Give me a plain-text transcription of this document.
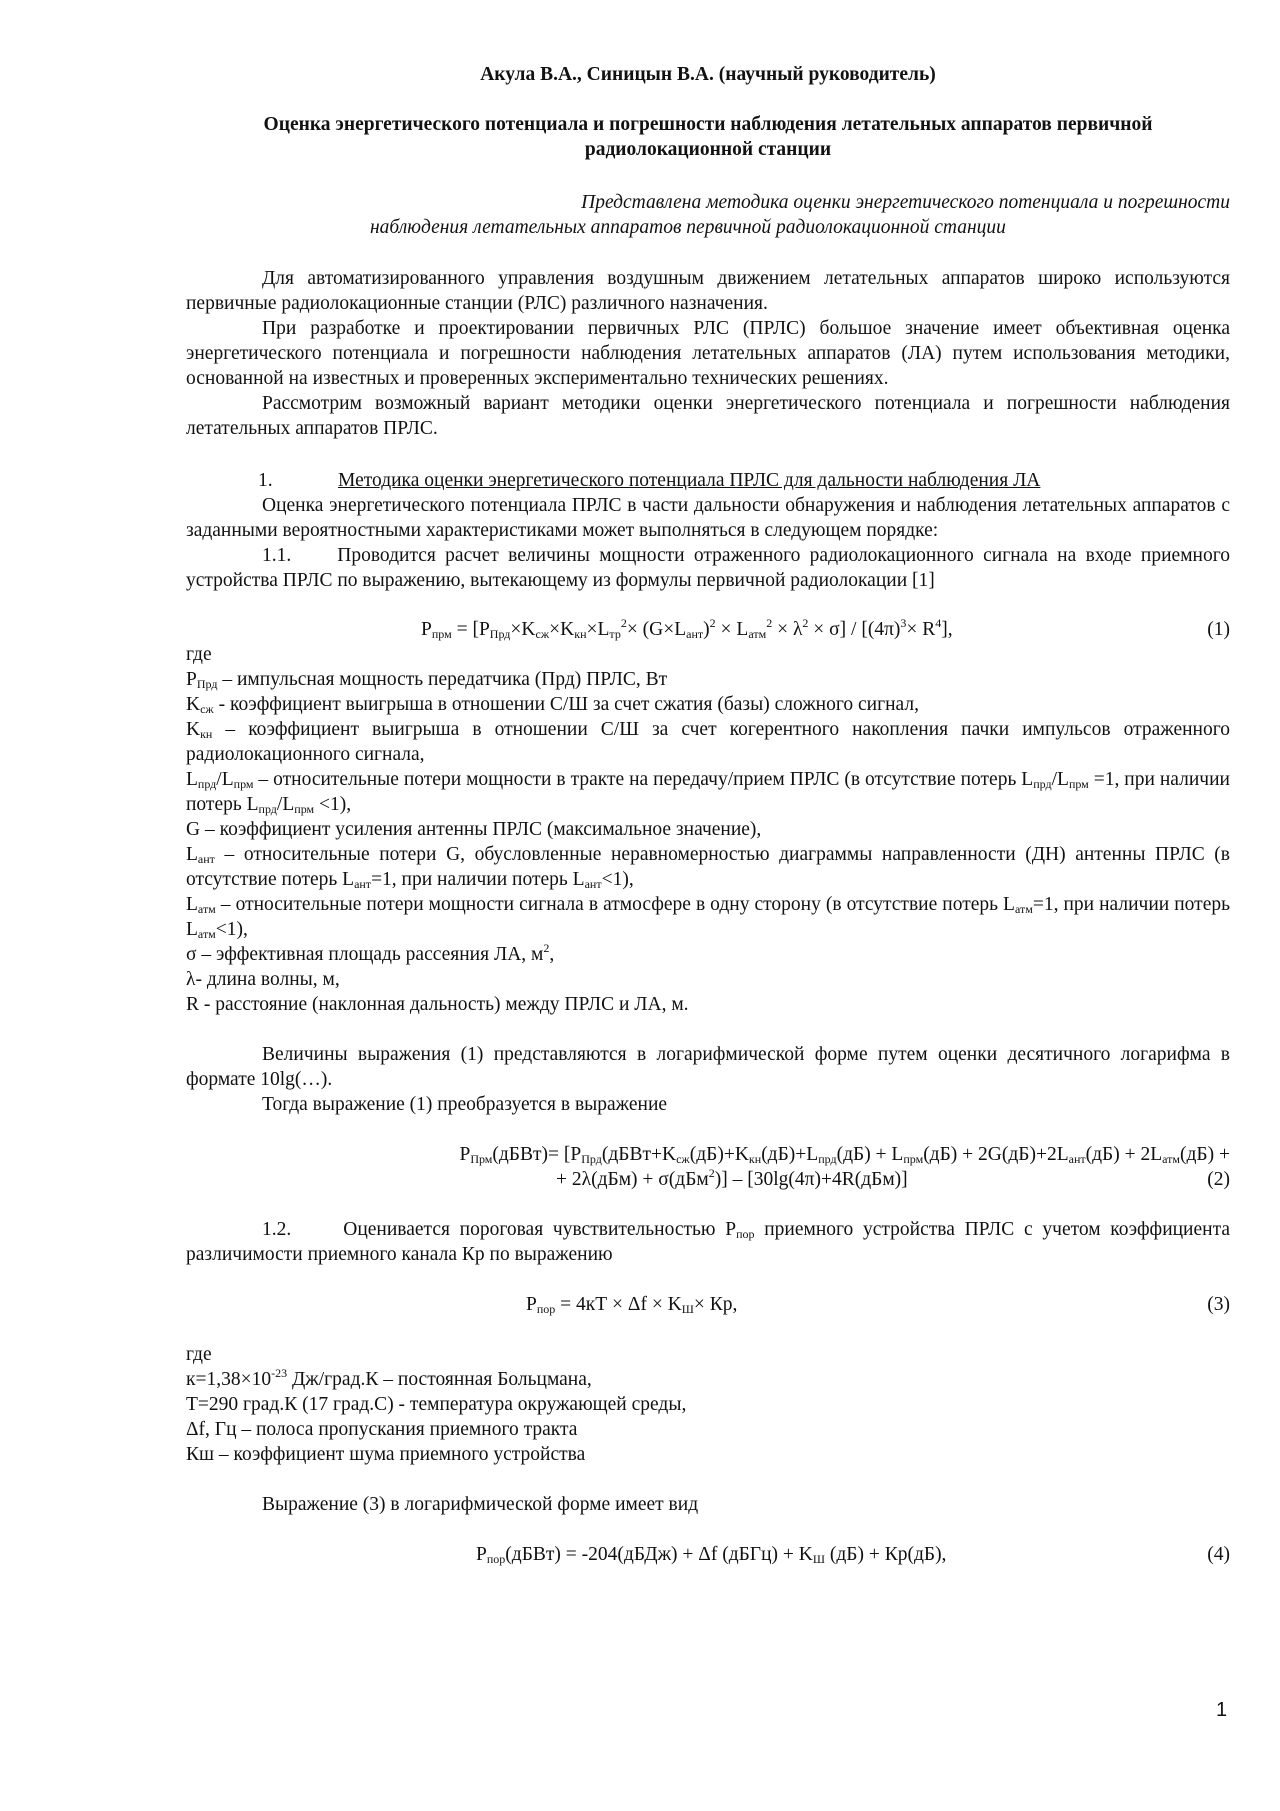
Акула В.А., Синицын В.А. (научный руководитель)

Оценка энергетического потенциала и погрешности наблюдения летательных аппаратов первичной

радиолокационной станции

Представлена методика оценки энергетического потенциала и погрешности

наблюдения летательных аппаратов первичной радиолокационной станции

Для автоматизированного управления воздушным движением летательных аппаратов широко используются первичные радиолокационные станции (РЛС) различного назначения.

При разработке и проектировании первичных РЛС (ПРЛС) большое значение имеет объективная оценка энергетического потенциала и погрешности наблюдения летательных аппаратов (ЛА) путем использования методики, основанной на известных и проверенных экспериментально технических решениях.

Рассмотрим возможный вариант методики оценки энергетического потенциала и погрешности наблюдения летательных аппаратов ПРЛС.

1.	Методика оценки энергетического потенциала ПРЛС для дальности наблюдения ЛА

Оценка энергетического потенциала ПРЛС в части дальности обнаружения и наблюдения летательных аппаратов с заданными вероятностными характеристиками может выполняться в следующем порядке:

1.1. Проводится расчет величины мощности отраженного радиолокационного сигнала на входе приемного устройства ПРЛС по выражению, вытекающему из формулы первичной радиолокации [1]

$P_{прм} = [P_{Прд}\times K_{сж}\times K_{кн}\times L_{тр}^2\times (G\times L_{ант})^2 \times L_{атм}^2 \times \lambda^2 \times \sigma] / [(4\pi)^3\times R^4]$,	(1)

где

$P_{Прд}$ – импульсная мощность передатчика (Прд) ПРЛС, Вт

$K_{сж}$ - коэффициент выигрыша в отношении С/Ш за счет сжатия (базы) сложного сигнал,

$K_{кн}$ – коэффициент выигрыша в отношении С/Ш за счет когерентного накопления пачки импульсов отраженного радиолокационного сигнала,

$L_{прд}/L_{прм}$ – относительные потери мощности в тракте на передачу/прием ПРЛС (в отсутствие потерь $L_{прд}/L_{прм} =1$, при наличии потерь $L_{прд}/L_{прм} <1$),

G – коэффициент усиления антенны ПРЛС (максимальное значение),

$L_{ант}$ – относительные потери G, обусловленные неравномерностью диаграммы направленности (ДН) антенны ПРЛС (в отсутствие потерь $L_{ант}=1$, при наличии потерь $L_{ант}<1$),

$L_{атм}$ – относительные потери мощности сигнала в атмосфере в одну сторону (в отсутствие потерь $L_{атм}=1$, при наличии потерь $L_{атм}<1$),

σ – эффективная площадь рассеяния ЛА, $м^2$,

λ- длина волны, м,

R - расстояние (наклонная дальность) между ПРЛС и ЛА, м.

Величины выражения (1) представляются в логарифмической форме путем оценки десятичного логарифма в формате 10lg(…).

Тогда выражение (1) преобразуется в выражение

$P_{Прм}(дБВт)=$ [$P_{Прд}(дБВт+K_{сж}(дБ)+K_{кн}(дБ)+L_{прд}(дБ) + L_{прм}(дБ) + 2G(дБ)+2L_{ант}(дБ) + 2L_{атм}(дБ)$ +
+ 2λ(дБм) + σ(дБм$^2$)] – [30lg(4π)+4R(дБм)]	(2)

1.2.	Оценивается пороговая чувствительностью $Р_{пор}$ приемного устройства ПРЛС с учетом коэффициента различимости приемного канала Кр по выражению

$P_{пор} = 4кТ \times \Delta f \times K_Ш\times$ Кр,	(3)

где

$к=1,38\times 10^{-23}$ Дж/град.К – постоянная Больцмана,

Т=290 град.К (17 град.С) - температура окружающей среды,

Δf, Гц – полоса пропускания приемного тракта

Кш – коэффициент шума приемного устройства

Выражение (3) в логарифмической форме имеет вид

$P_{пор}(дБВт)$ = -204(дБДж) + Δf (дБГц) + $K_Ш$ (дБ) + Кр(дБ),	(4)
1
